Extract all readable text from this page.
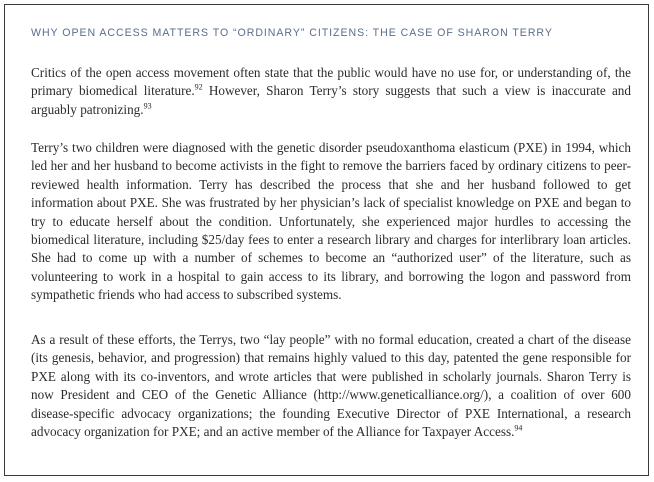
WHY OPEN ACCESS MATTERS TO “ORDINARY” CITIZENS: THE CASE OF SHARON TERRY
Critics of the open access movement often state that the public would have no use for, or understanding of, the primary biomedical literature.$^{92}$ However, Sharon Terry’s story suggests that such a view is inaccurate and arguably patronizing.$^{93}$
Terry’s two children were diagnosed with the genetic disorder pseudoxanthoma elasticum (PXE) in 1994, which led her and her husband to become activists in the fight to remove the barriers faced by ordinary citizens to peer-reviewed health information. Terry has described the process that she and her husband followed to get information about PXE. She was frustrated by her physician’s lack of specialist knowledge on PXE and began to try to educate herself about the condition. Unfortunately, she experienced major hurdles to accessing the biomedical literature, including $25/day fees to enter a research library and charges for interlibrary loan articles. She had to come up with a number of schemes to become an “authorized user” of the literature, such as volunteering to work in a hospital to gain access to its library, and borrowing the logon and password from sympathetic friends who had access to subscribed systems.
As a result of these efforts, the Terrys, two “lay people” with no formal education, created a chart of the disease (its genesis, behavior, and progression) that remains highly valued to this day, patented the gene responsible for PXE along with its co-inventors, and wrote articles that were published in scholarly journals. Sharon Terry is now President and CEO of the Genetic Alliance (http://www.geneticalliance.org/), a coalition of over 600 disease-specific advocacy organizations; the founding Executive Director of PXE International, a research advocacy organization for PXE; and an active member of the Alliance for Taxpayer Access.$^{94}$
